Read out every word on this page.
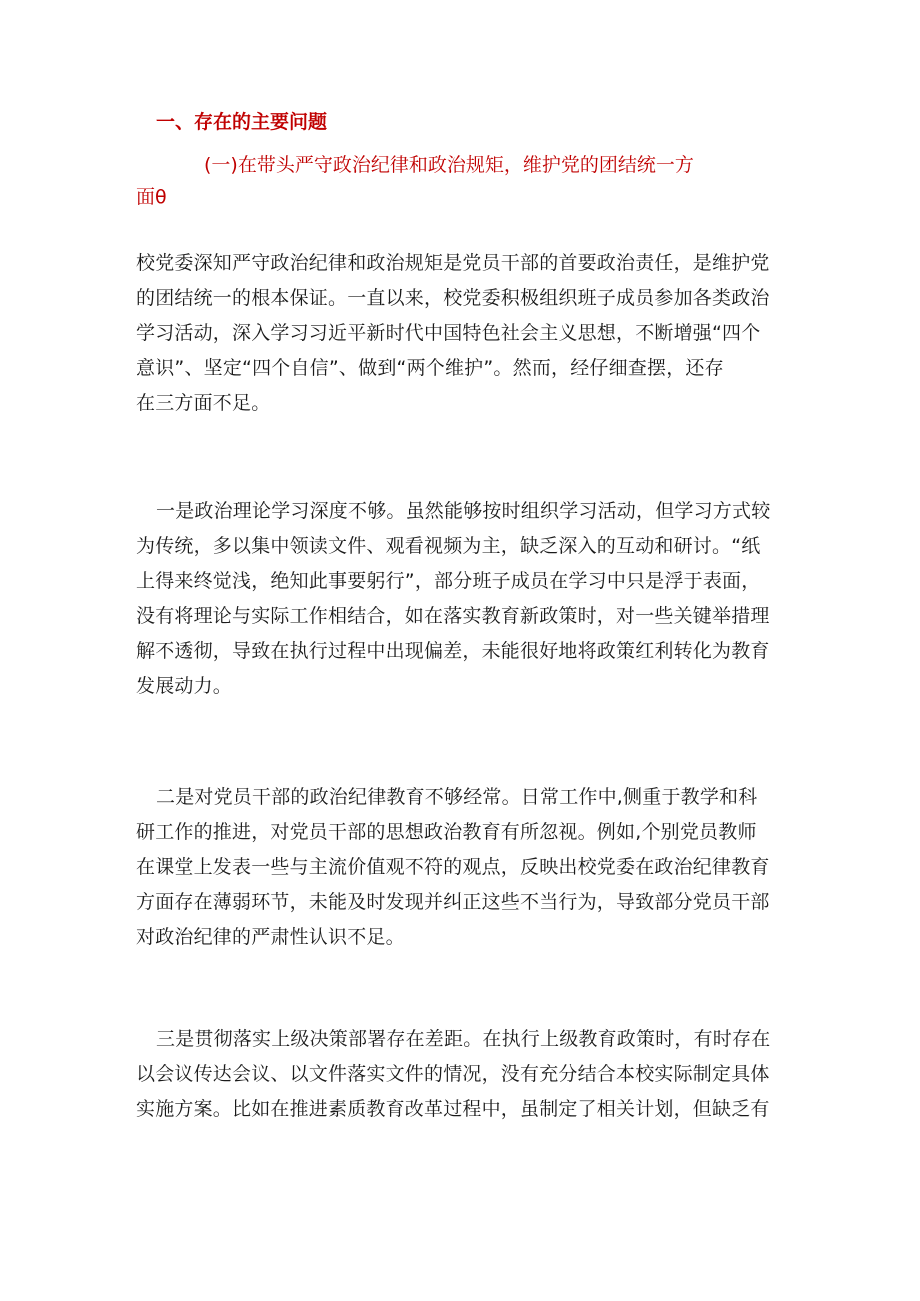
一、存在的主要问题
(一)在带头严守政治纪律和政治规矩，维护党的团结统一方
面θ
校党委深知严守政治纪律和政治规矩是党员干部的首要政治责任，是维护党
的团结统一的根本保证。一直以来，校党委积极组织班子成员参加各类政治
学习活动，深入学习习近平新时代中国特色社会主义思想，不断增强“四个
意识”、坚定“四个自信”、做到“两个维护”。然而，经仔细查摆，还存
在三方面不足。
一是政治理论学习深度不够。虽然能够按时组织学习活动，但学习方式较
为传统，多以集中领读文件、观看视频为主，缺乏深入的互动和研讨。“纸
上得来终觉浅，绝知此事要躬行”，部分班子成员在学习中只是浮于表面，
没有将理论与实际工作相结合，如在落实教育新政策时，对一些关键举措理
解不透彻，导致在执行过程中出现偏差，未能很好地将政策红利转化为教育
发展动力。
二是对党员干部的政治纪律教育不够经常。日常工作中,侧重于教学和科
研工作的推进，对党员干部的思想政治教育有所忽视。例如,个别党员教师
在课堂上发表一些与主流价值观不符的观点，反映出校党委在政治纪律教育
方面存在薄弱环节，未能及时发现并纠正这些不当行为，导致部分党员干部
对政治纪律的严肃性认识不足。
三是贯彻落实上级决策部署存在差距。在执行上级教育政策时，有时存在
以会议传达会议、以文件落实文件的情况，没有充分结合本校实际制定具体
实施方案。比如在推进素质教育改革过程中，虽制定了相关计划，但缺乏有
